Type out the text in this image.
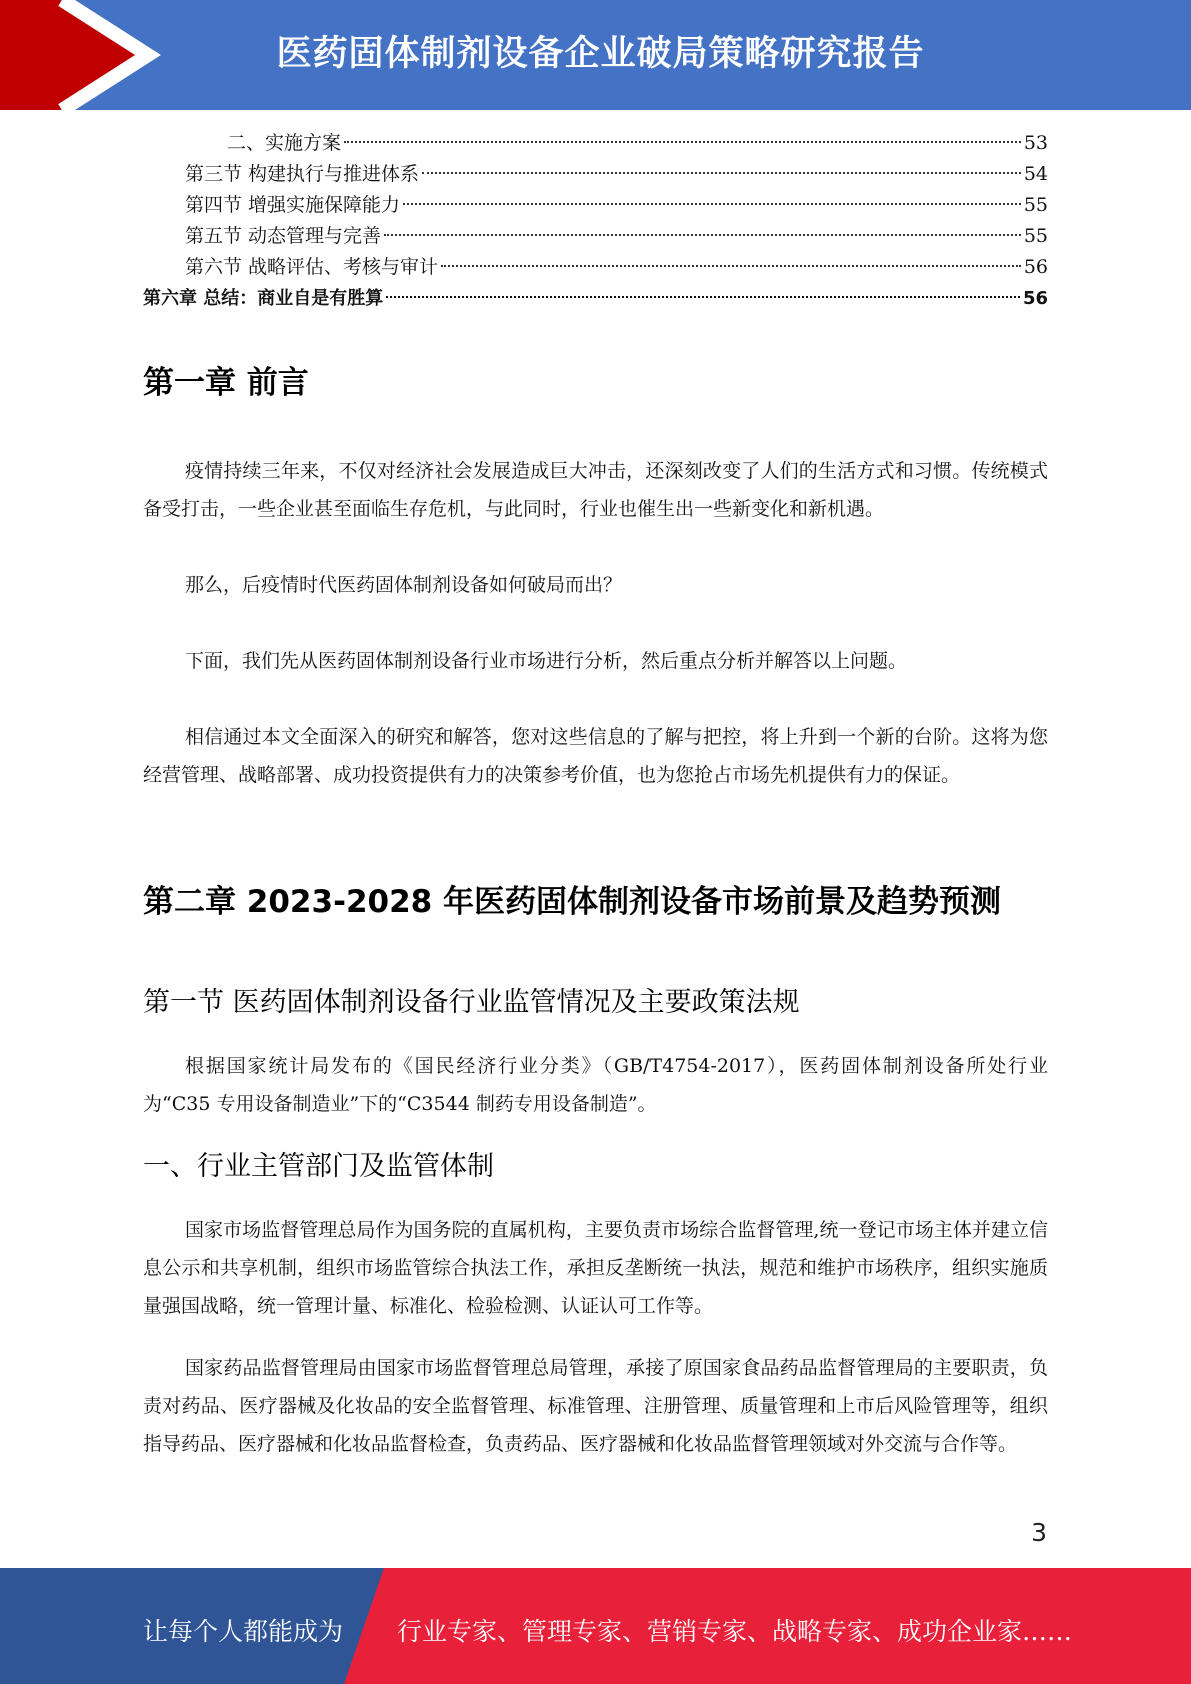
医药固体制剂设备企业破局策略研究报告
二、实施方案	53
第三节 构建执行与推进体系	54
第四节 增强实施保障能力	55
第五节 动态管理与完善	55
第六节 战略评估、考核与审计	56
第六章 总结：商业自是有胜算	56
第一章 前言

疫情持续三年来，不仅对经济社会发展造成巨大冲击，还深刻改变了人们的生活方式和习惯。传统模式备受打击，一些企业甚至面临生存危机，与此同时，行业也催生出一些新变化和新机遇。

那么，后疫情时代医药固体制剂设备如何破局而出？

下面，我们先从医药固体制剂设备行业市场进行分析，然后重点分析并解答以上问题。

相信通过本文全面深入的研究和解答，您对这些信息的了解与把控，将上升到一个新的台阶。这将为您经营管理、战略部署、成功投资提供有力的决策参考价值，也为您抢占市场先机提供有力的保证。

第二章 2023-2028 年医药固体制剂设备市场前景及趋势预测
第一节 医药固体制剂设备行业监管情况及主要政策法规

根据国家统计局发布的《国民经济行业分类》（GB/T4754-2017），医药固体制剂设备所处行业为“C35 专用设备制造业”下的“C3544 制药专用设备制造”。

一、行业主管部门及监管体制

国家市场监督管理总局作为国务院的直属机构，主要负责市场综合监督管理,统一登记市场主体并建立信息公示和共享机制，组织市场监管综合执法工作，承担反垄断统一执法，规范和维护市场秩序，组织实施质量强国战略，统一管理计量、标准化、检验检测、认证认可工作等。

国家药品监督管理局由国家市场监督管理总局管理，承接了原国家食品药品监督管理局的主要职责，负责对药品、医疗器械及化妆品的安全监督管理、标准管理、注册管理、质量管理和上市后风险管理等，组织指导药品、医疗器械和化妆品监督检查，负责药品、医疗器械和化妆品监督管理领域对外交流与合作等。

3
让每个人都能成为 行业专家、管理专家、营销专家、战略专家、成功企业家……
